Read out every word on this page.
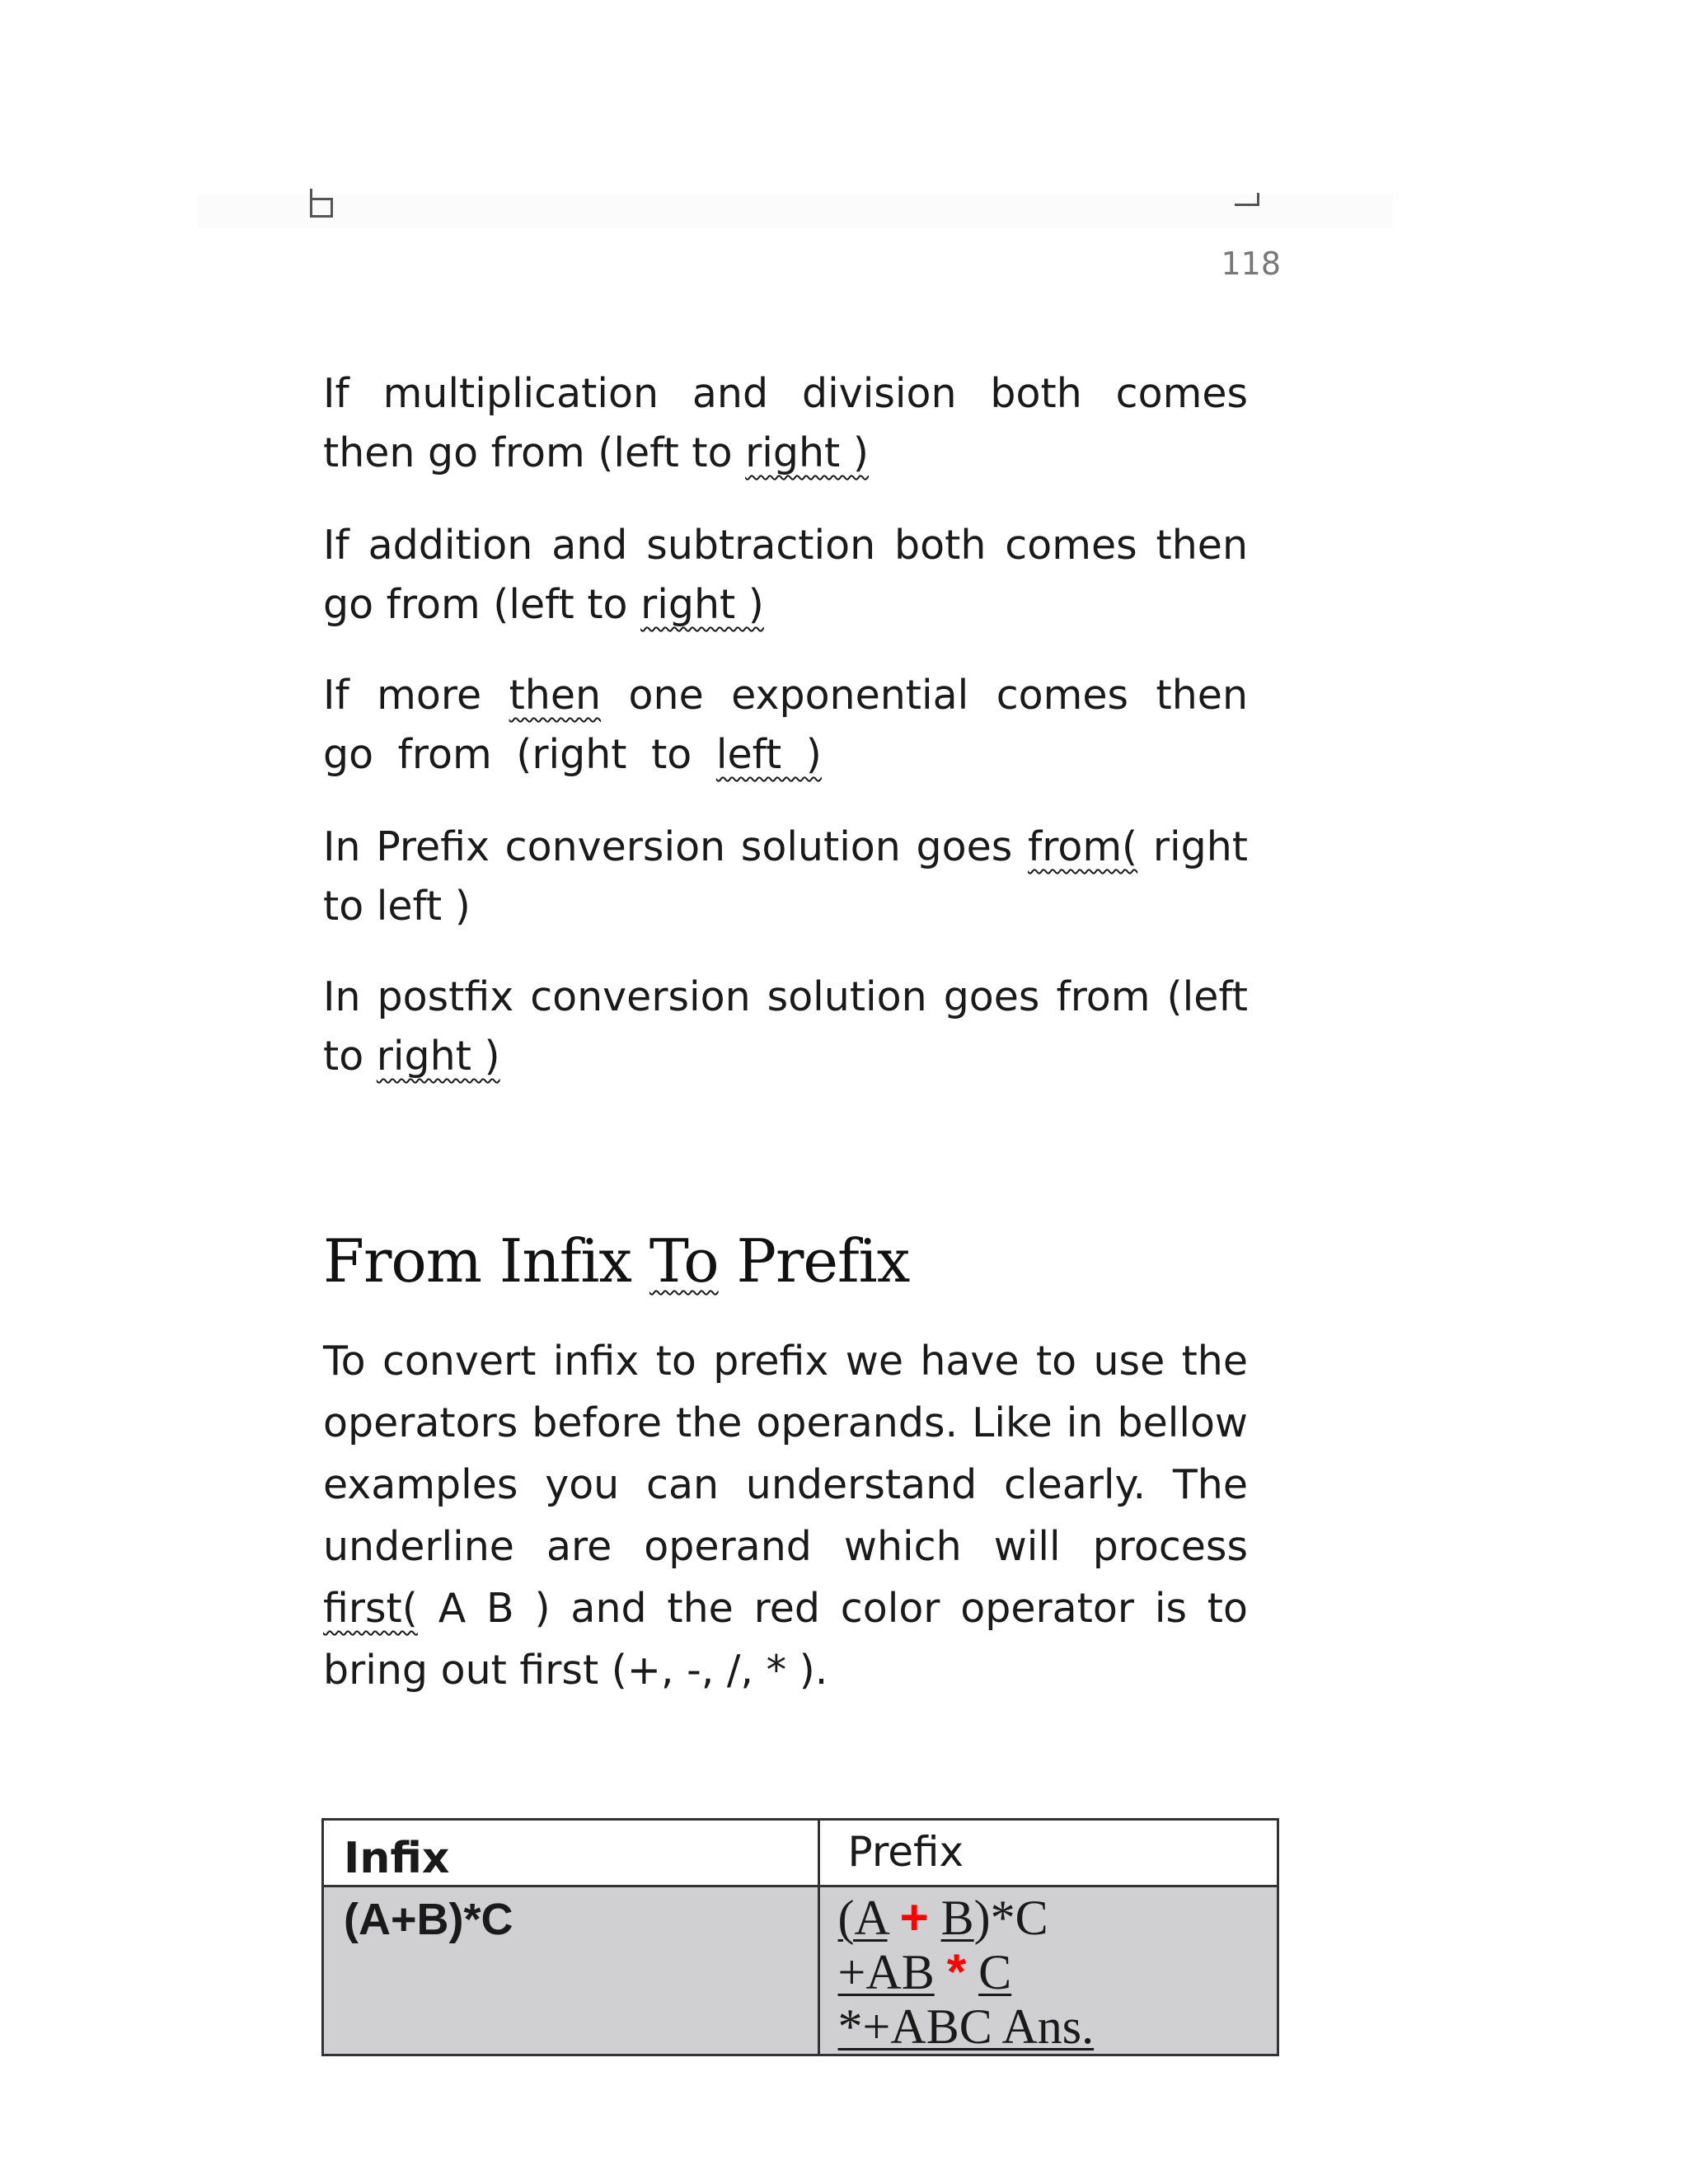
118

If multiplication and division both comes then go from (left to right )

If addition and subtraction both comes then go from (left to right )

If more then one exponential comes then go from (right to left )

In Prefix conversion solution goes from( right to left )

In postfix conversion solution goes from (left to right )

From Infix To Prefix

To convert infix to prefix we have to use the operators before the operands. Like in bellow examples you can understand clearly. The underline are operand which will process first( A B ) and the red color operator is to bring out first (+, -, /, * ).

Infix	Prefix

(A+B)*C	(A + B)*C
+AB * C
*+ABC Ans.
